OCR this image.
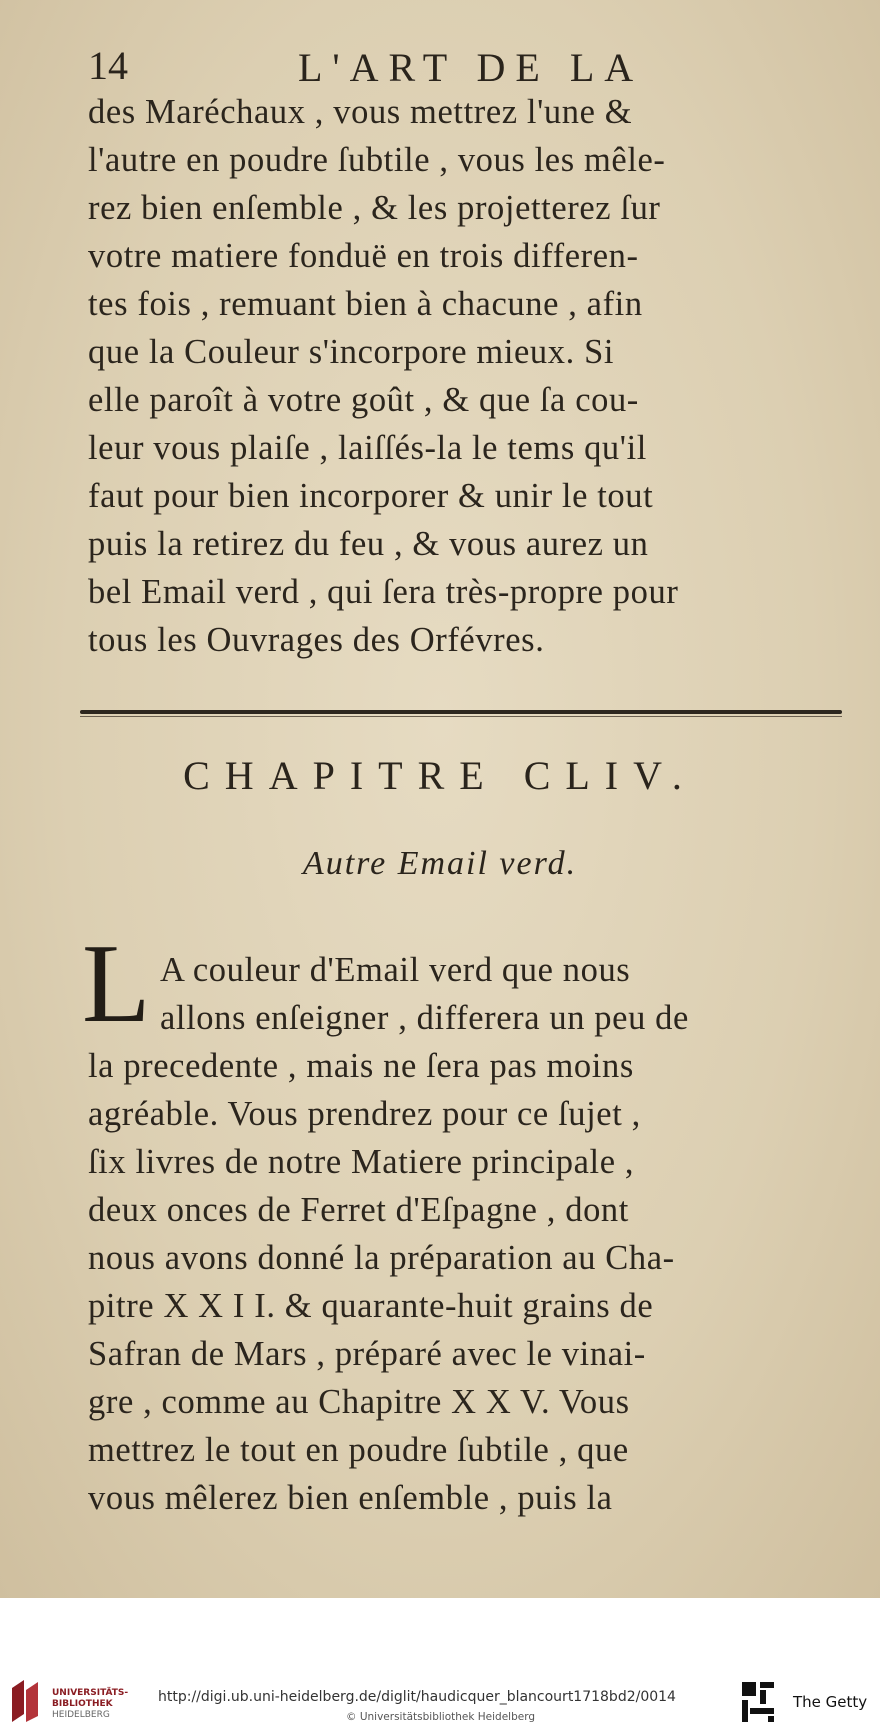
14	L'ART DE LA
des Maréchaux , vous mettrez l'une &
l'autre en poudre ſubtile , vous les mêle-
rez bien enſemble , & les projetterez ſur
votre matiere fonduë en trois differen-
tes fois , remuant bien à chacune , afin
que la Couleur s'incorpore mieux. Si
elle paroît à votre goût , & que ſa cou-
leur vous plaiſe , laiſſés-la le tems qu'il
faut pour bien incorporer & unir le tout
puis la retirez du feu , & vous aurez un
bel Email verd , qui ſera très-propre pour
tous les Ouvrages des Orfévres.
CHAPITRE CLIV.
Autre Email verd.
L A couleur d'Email verd que nous
allons enſeigner , differera un peu de
la precedente , mais ne ſera pas moins
agréable. Vous prendrez pour ce ſujet ,
ſix livres de notre Matiere principale ,
deux onces de Ferret d'Eſpagne , dont
nous avons donné la préparation au Cha-
pitre X X I I. & quarante-huit grains de
Safran de Mars , préparé avec le vinai-
gre , comme au Chapitre X X V. Vous
mettrez le tout en poudre ſubtile , que
vous mêlerez bien enſemble , puis la
UNIVERSITÄTS-
BIBLIOTHEK
HEIDELBERG
http://digi.ub.uni-heidelberg.de/diglit/haudicquer_blancourt1718bd2/0014
© Universitätsbibliothek Heidelberg
The Getty
